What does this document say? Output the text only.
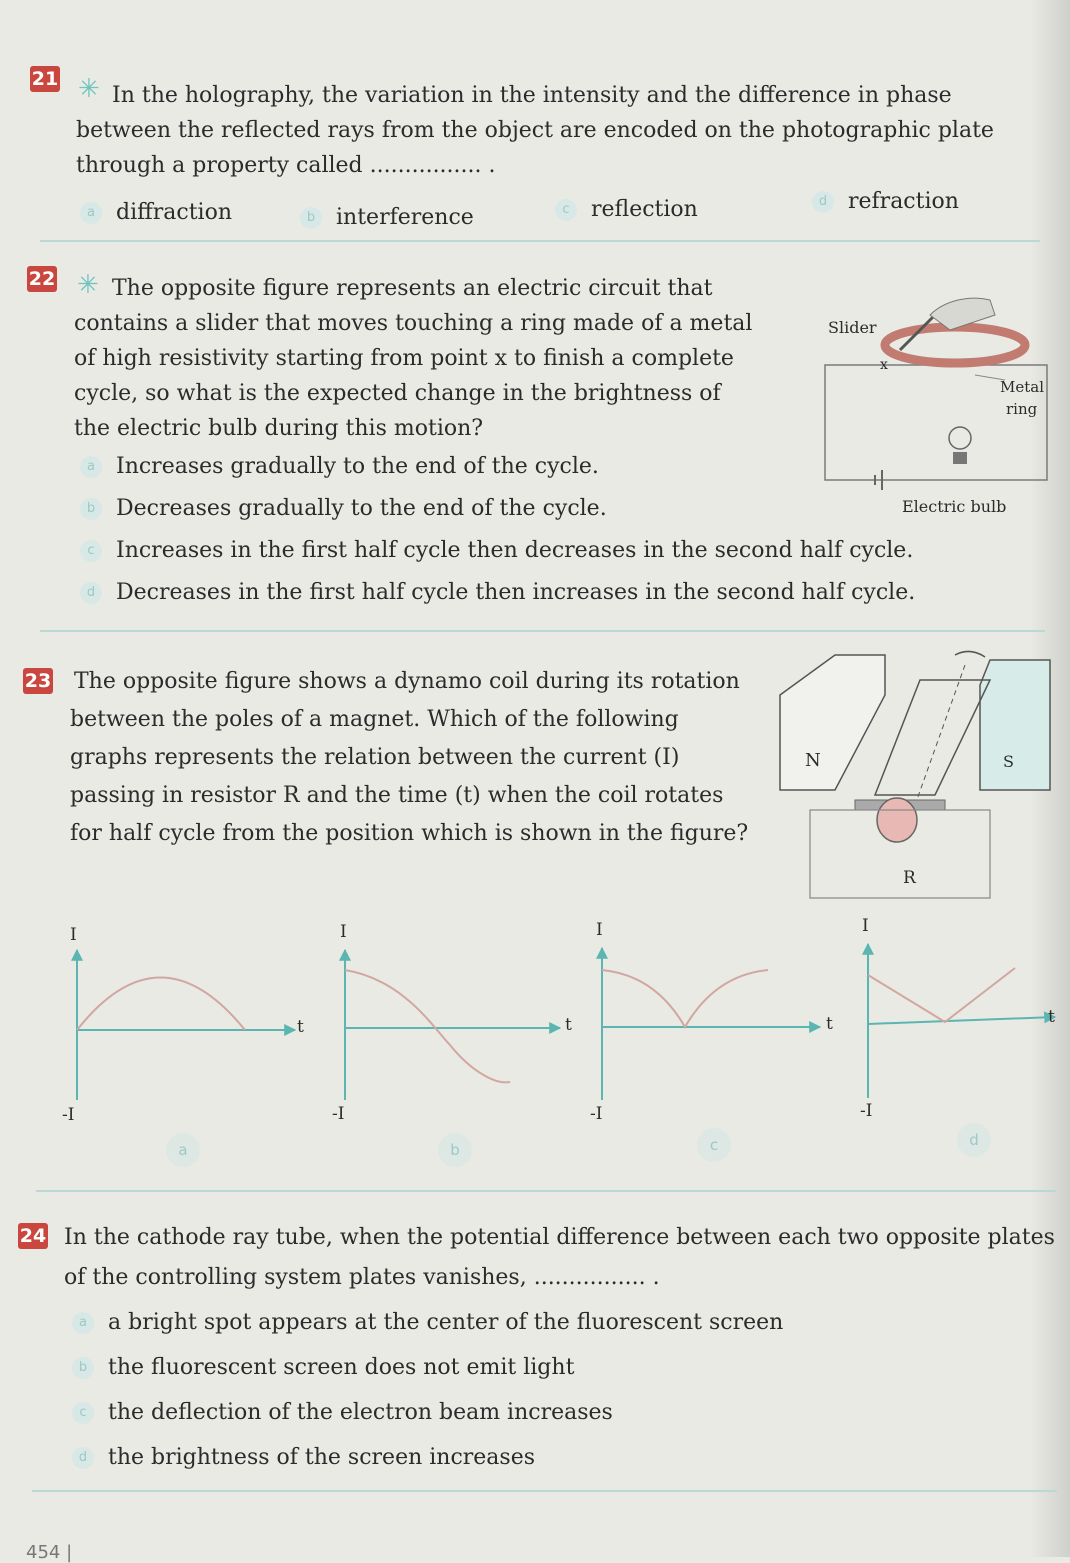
21 ✳ In the holography, the variation in the intensity and the difference in phase between the reflected rays from the object are encoded on the photographic plate through a property called ................ .

a diffraction	b interference	c reflection	d refraction
22 ✳ The opposite figure represents an electric circuit that contains a slider that moves touching a ring made of a metal of high resistivity starting from point x to finish a complete cycle, so what is the expected change in the brightness of the electric bulb during this motion?

Slider
x
Metal
ring
Electric bulb
a Increases gradually to the end of the cycle.
b Decreases gradually to the end of the cycle.
c Increases in the first half cycle then decreases in the second half cycle.
d Decreases in the first half cycle then increases in the second half cycle.
23 The opposite figure shows a dynamo coil during its rotation between the poles of a magnet. Which of the following graphs represents the relation between the current (I) passing in resistor R and the time (t) when the coil rotates for half cycle from the position which is shown in the figure?

N	S
R
I
-I
t
I
-I
t
I
-I
t
I
-I
t
a	b	c	d
24 In the cathode ray tube, when the potential difference between each two opposite plates of the controlling system plates vanishes, ................ .

a a bright spot appears at the center of the fluorescent screen
b the fluorescent screen does not emit light
c the deflection of the electron beam increases
d the brightness of the screen increases
454 |
